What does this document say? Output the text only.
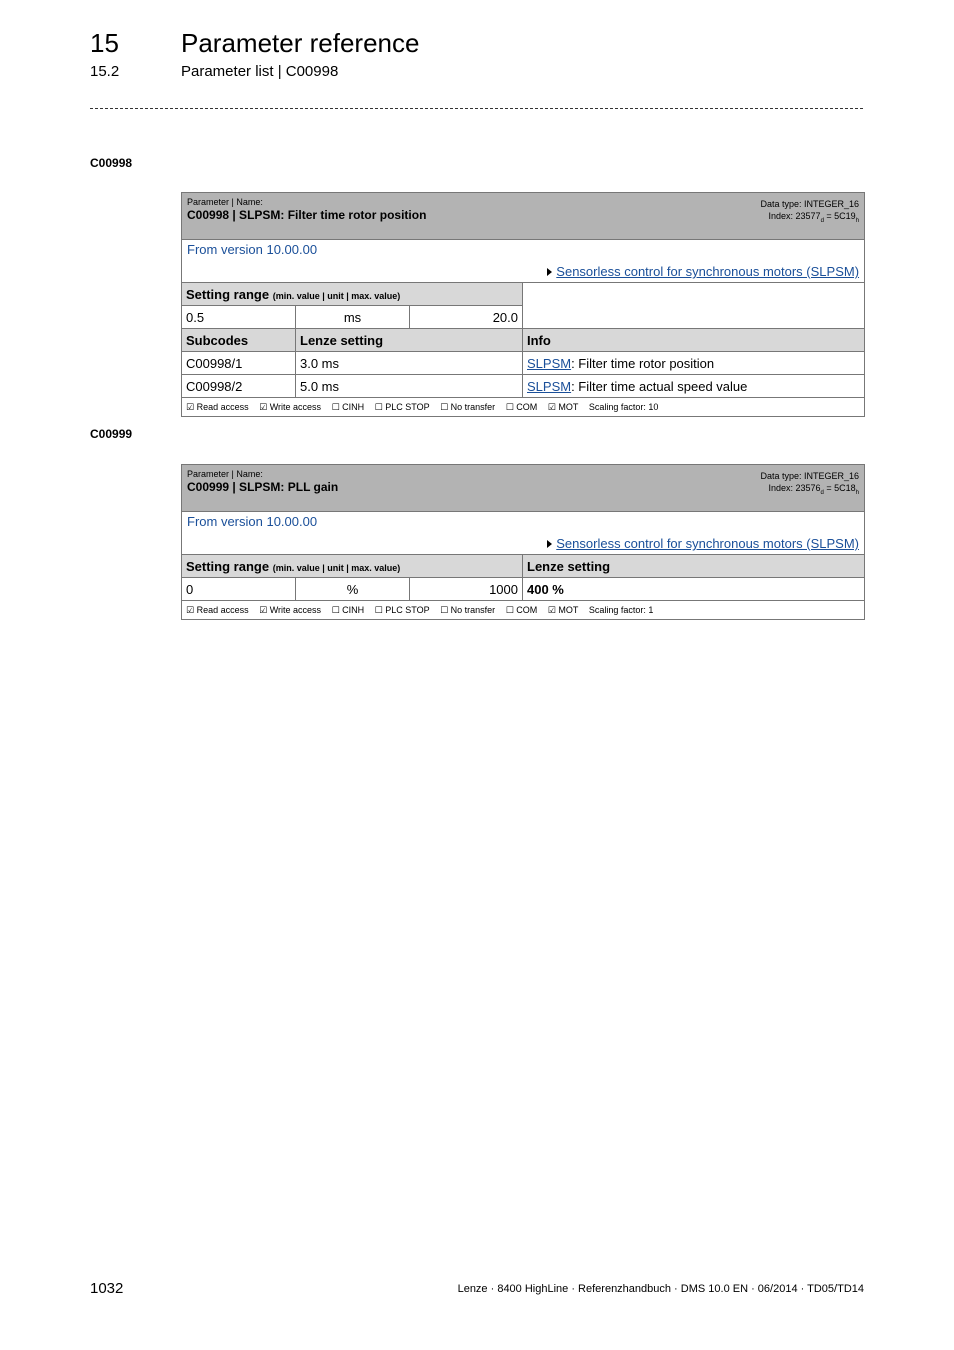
15 Parameter reference
15.2	Parameter list | C00998
C00998
Parameter | Name:
C00998 | SLPSM: Filter time rotor position
Data type: INTEGER_16
Index: $23577_d = 5C19_h$

From version 10.00.00
Sensorless control for synchronous motors (SLPSM)			

Setting range (min. value | unit | max. value)			
0.5	ms	20.0	
Subcodes	Lenze setting		Info
C00998/1	3.0 ms		SLPSM: Filter time rotor position
C00998/2	5.0 ms		SLPSM: Filter time actual speed value
☑ Read access ☑ Write access ☐ CINH ☐ PLC STOP ☐ No transfer ☐ COM ☑ MOT Scaling factor: 10			
C00999
Parameter | Name:
C00999 | SLPSM: PLL gain
Data type: INTEGER_16
Index: $23576_d = 5C18_h$

From version 10.00.00
Sensorless control for synchronous motors (SLPSM)			

Setting range (min. value | unit | max. value)			Lenze setting
0	%	1000	400 %
☑ Read access ☑ Write access ☐ CINH ☐ PLC STOP ☐ No transfer ☐ COM ☑ MOT Scaling factor: 1			
1032	Lenze · 8400 HighLine · Referenzhandbuch · DMS 10.0 EN · 06/2014 · TD05/TD14
